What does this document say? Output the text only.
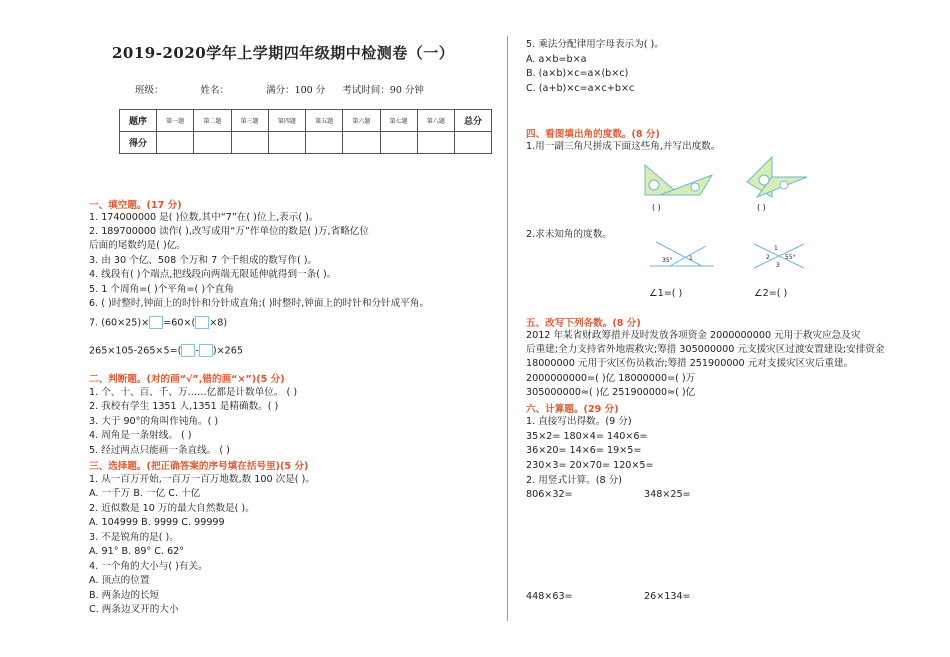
2019-2020学年上学期四年级期中检测卷（一）
班级：	姓名：	满分：100 分 考试时间：90 分钟
题序	第一题	第二题	第三题	第四题	第五题	第六题	第七题	第八题	总分
得分									
一、填空题。(17 分)
1. 174000000 是( )位数,其中“7”在( )位上,表示( )。
2. 189700000 读作( ),改写成用“万”作单位的数是( )万,省略亿位
后面的尾数约是( )亿。
3. 由 30 个亿、508 个万和 7 个千组成的数写作( )。
4. 线段有( )个端点,把线段向两端无限延伸就得到一条( )。
5. 1 个周角=( )个平角=( )个直角
6. ( )时整时,钟面上的时针和分针成直角;( )时整时,钟面上的时针和分针成平角。
7. (60×25)× =60×( ×8)
265×105-265×5=( - )×265
二、判断题。(对的画“√”,错的画“×”)(5 分)
1. 个、十、百、千、万……亿都是计数单位。 ( )
2. 我校有学生 1351 人,1351 是精确数。( )
3. 大于 90°的角叫作钝角。( )
4. 周角是一条射线。 ( )
5. 经过两点只能画一条直线。 ( )
三、选择题。(把正确答案的序号填在括号里)(5 分)
1. 从一百万开始,一百万一百万地数,数 100 次是( )。
A. 一千万 B. 一亿 C. 十亿
2. 近似数是 10 万的最大自然数是( )。
A. 104999 B. 9999 C. 99999
3. 不是锐角的是( )。
A. 91° B. 89° C. 62°
4. 一个角的大小与( )有关。
A. 顶点的位置
B. 两条边的长短
C. 两条边叉开的大小
5. 乘法分配律用字母表示为( )。
A. a×b=b×a
B. (a×b)×c=a×(b×c)
C. (a+b)×c=a×c+b×c
四、看图填出角的度数。(8 分)
1.用一副三角尺拼成下面这些角,并写出度数。
( )	( )
2.求未知角的度数。
35°	1
1
2
3
55°
∠1=( )	∠2=( )
五、改写下列各数。(8 分)
2012 年某省财政筹措并及时发放各项资金 2000000000 元用于救灾应急及灾
后重建;全力支持省外地震救灾;筹措 305000000 元支援灾区过渡安置建设;安排资金
18000000 元用于灾区伤员救治;筹措 251900000 元对支援灾区灾后重建。
2000000000=( )亿 18000000=( )万
305000000≈( )亿 251900000≈( )亿
六、计算题。(29 分)
1. 直接写出得数。(9 分)
35×2= 180×4= 140×6=
36×20= 14×6= 19×5=
230×3= 20×70= 120×5=
2. 用竖式计算。(8 分)
806×32=	348×25=
448×63=	26×134=
